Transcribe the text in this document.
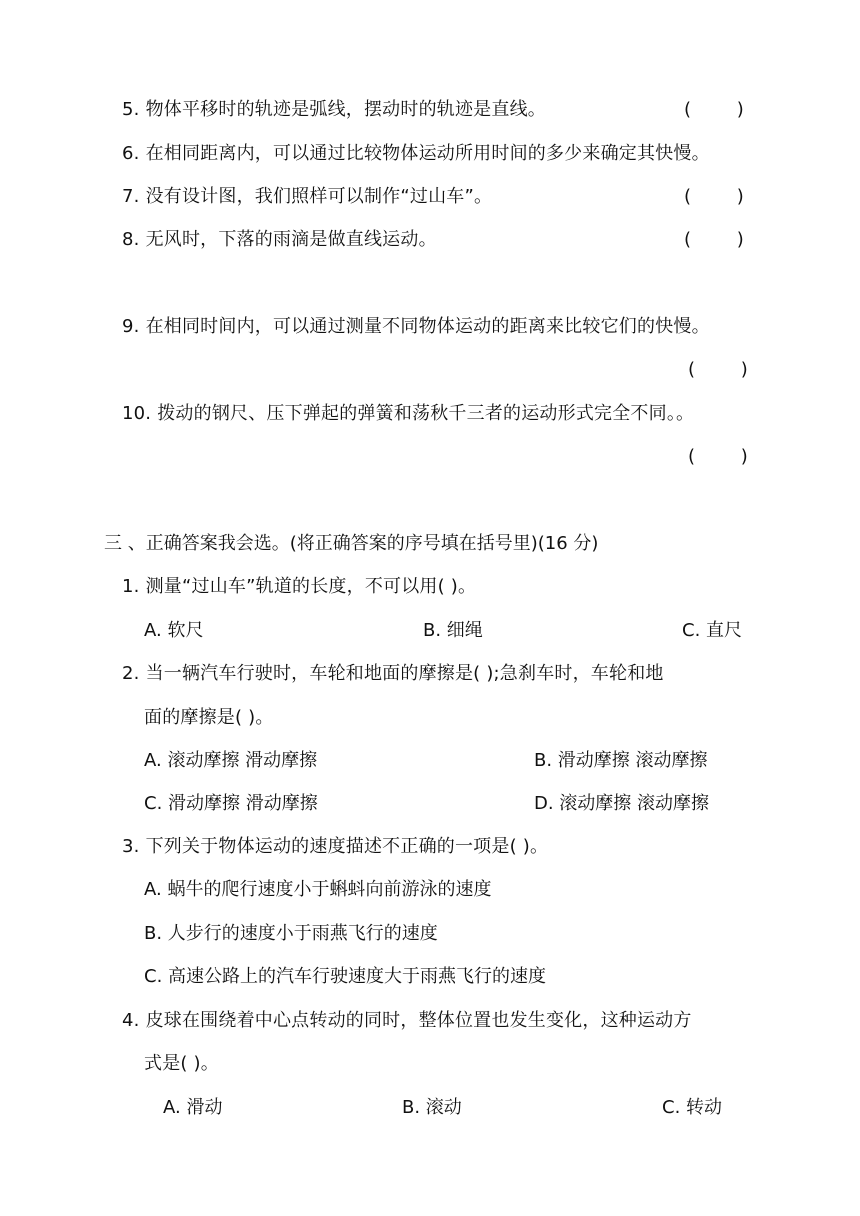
5. 物体平移时的轨迹是弧线，摆动时的轨迹是直线。	(        )
6. 在相同距离内，可以通过比较物体运动所用时间的多少来确定其快慢。
7. 没有设计图，我们照样可以制作“过山车”。	(        )
8. 无风时，下落的雨滴是做直线运动。	(        )
9. 在相同时间内，可以通过测量不同物体运动的距离来比较它们的快慢。
(        )
10. 拨动的钢尺、压下弹起的弹簧和荡秋千三者的运动形式完全不同。。
(        )
三 、正确答案我会选。(将正确答案的序号填在括号里)(16 分)
1. 测量“过山车”轨道的长度，不可以用( )。
A. 软尺	B. 细绳	C. 直尺
2. 当一辆汽车行驶时，车轮和地面的摩擦是( );急刹车时，车轮和地
面的摩擦是( )。
A. 滚动摩擦 滑动摩擦	B. 滑动摩擦 滚动摩擦
C. 滑动摩擦 滑动摩擦	D. 滚动摩擦 滚动摩擦
3. 下列关于物体运动的速度描述不正确的一项是( )。
A. 蜗牛的爬行速度小于蝌蚪向前游泳的速度
B. 人步行的速度小于雨燕飞行的速度
C. 高速公路上的汽车行驶速度大于雨燕飞行的速度
4. 皮球在围绕着中心点转动的同时，整体位置也发生变化，这种运动方
式是( )。
A. 滑动	B. 滚动	C. 转动
